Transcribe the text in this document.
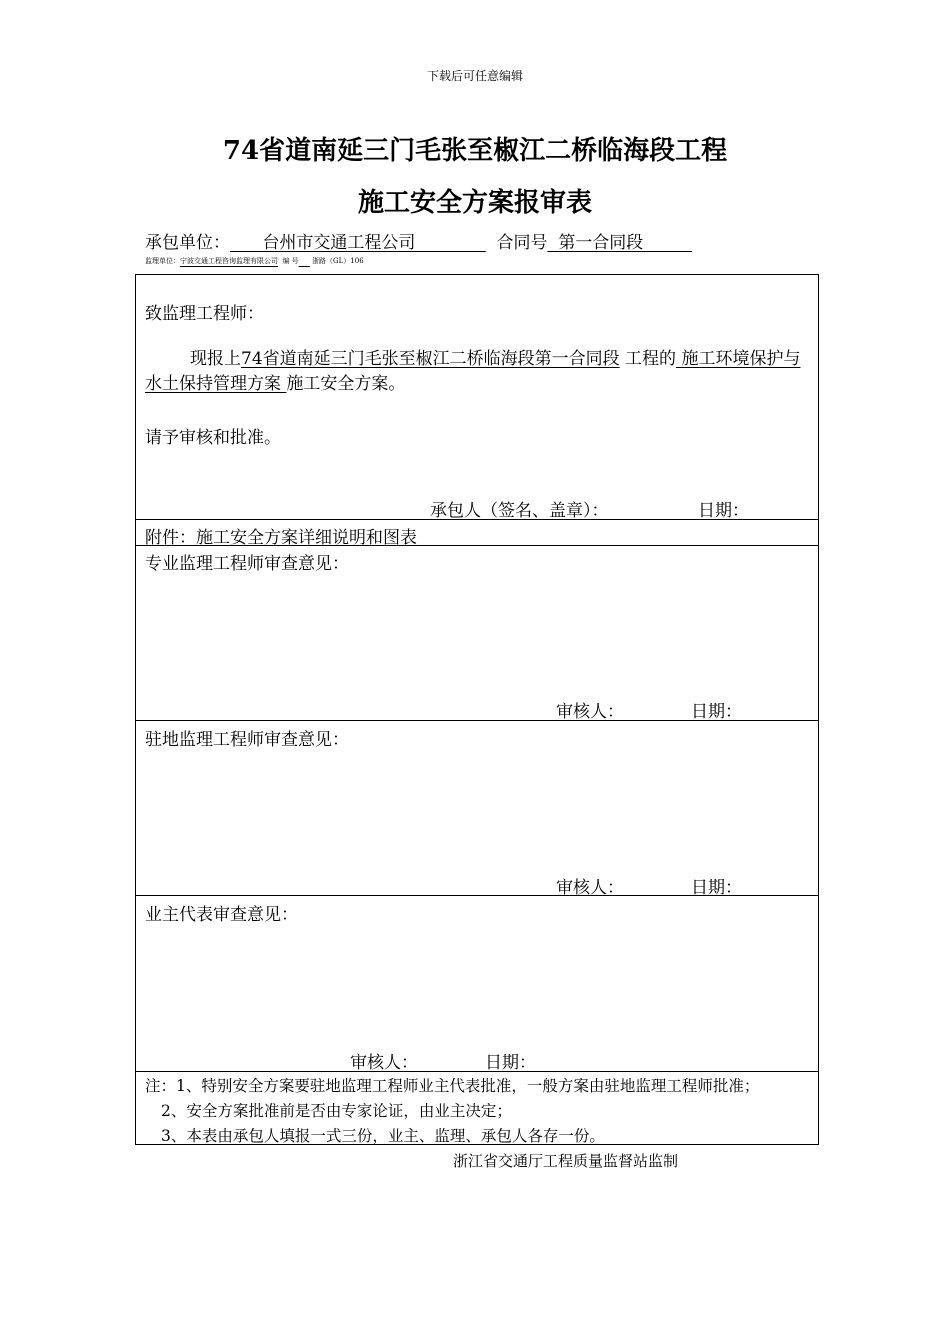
下载后可任意编辑
74省道南延三门毛张至椒江二桥临海段工程
施工安全方案报审表
承包单位： 台州市交通工程公司	合同号 第一合同段
监理单位：宁波交通工程咨询监理有限公司 编 号 浙路（GL）106
致监理工程师：
现报上74省道南延三门毛张至椒江二桥临海段第一合同段 工程的 施工环境保护与水土保持管理方案 施工安全方案。
请予审核和批准。
承包人（签名、盖章）：	日期：
附件：施工安全方案详细说明和图表
专业监理工程师审查意见：
审核人：	日期：
驻地监理工程师审查意见：
审核人：	日期：
业主代表审查意见：
审核人：	日期：
注：1、特别安全方案要驻地监理工程师业主代表批准，一般方案由驻地监理工程师批准；
2、安全方案批准前是否由专家论证，由业主决定；
3、本表由承包人填报一式三份，业主、监理、承包人各存一份。
浙江省交通厅工程质量监督站监制
